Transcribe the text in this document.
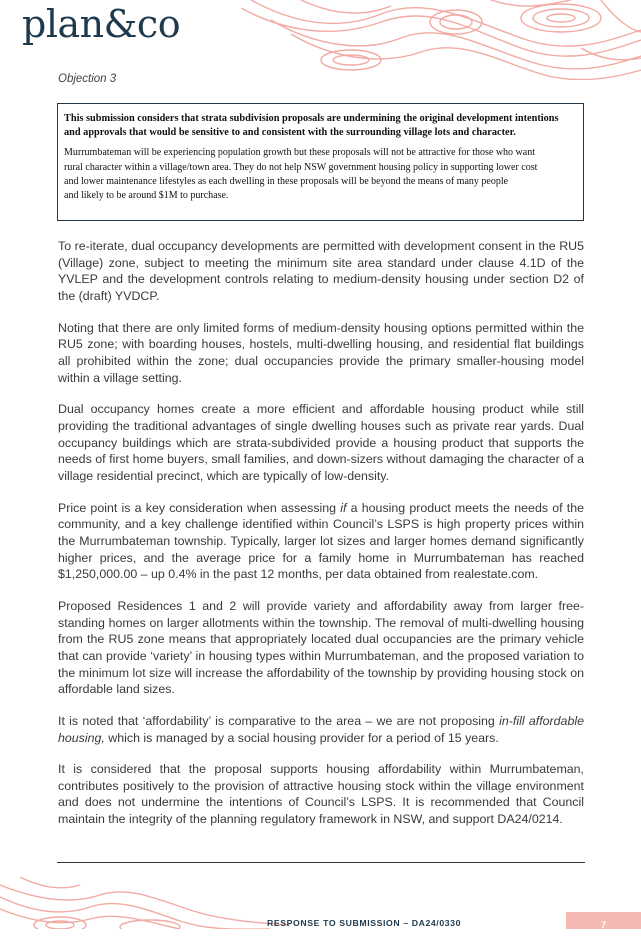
plan&co
Objection 3

This submission considers that strata subdivision proposals are undermining the original development intentions and approvals that would be sensitive to and consistent with the surrounding village lots and character.

Murrumbateman will be experiencing population growth but these proposals will not be attractive for those who want
rural character within a village/town area. They do not help NSW government housing policy in supporting lower cost
and lower maintenance lifestyles as each dwelling in these proposals will be beyond the means of many people
and likely to be around $1M to purchase.

To re-iterate, dual occupancy developments are permitted with development consent in the RU5 (Village) zone, subject to meeting the minimum site area standard under clause 4.1D of the YVLEP and the development controls relating to medium-density housing under section D2 of the (draft) YVDCP.

Noting that there are only limited forms of medium-density housing options permitted within the RU5 zone; with boarding houses, hostels, multi-dwelling housing, and residential flat buildings all prohibited within the zone; dual occupancies provide the primary smaller-housing model within a village setting.

Dual occupancy homes create a more efficient and affordable housing product while still providing the traditional advantages of single dwelling houses such as private rear yards. Dual occupancy buildings which are strata-subdivided provide a housing product that supports the needs of first home buyers, small families, and down-sizers without damaging the character of a village residential precinct, which are typically of low-density.

Price point is a key consideration when assessing if a housing product meets the needs of the community, and a key challenge identified within Council’s LSPS is high property prices within the Murrumbateman township. Typically, larger lot sizes and larger homes demand significantly higher prices, and the average price for a family home in Murrumbateman has reached $1,250,000.00 – up 0.4% in the past 12 months, per data obtained from realestate.com.

Proposed Residences 1 and 2 will provide variety and affordability away from larger free-standing homes on larger allotments within the township. The removal of multi-dwelling housing from the RU5 zone means that appropriately located dual occupancies are the primary vehicle that can provide ‘variety’ in housing types within Murrumbateman, and the proposed variation to the minimum lot size will increase the affordability of the township by providing housing stock on affordable land sizes.

It is noted that ‘affordability’ is comparative to the area – we are not proposing in-fill affordable housing, which is managed by a social housing provider for a period of 15 years.

It is considered that the proposal supports housing affordability within Murrumbateman, contributes positively to the provision of attractive housing stock within the village environment and does not undermine the intentions of Council’s LSPS. It is recommended that Council maintain the integrity of the planning regulatory framework in NSW, and support DA24/0214.

RESPONSE TO SUBMISSION – DA24/0330	7
